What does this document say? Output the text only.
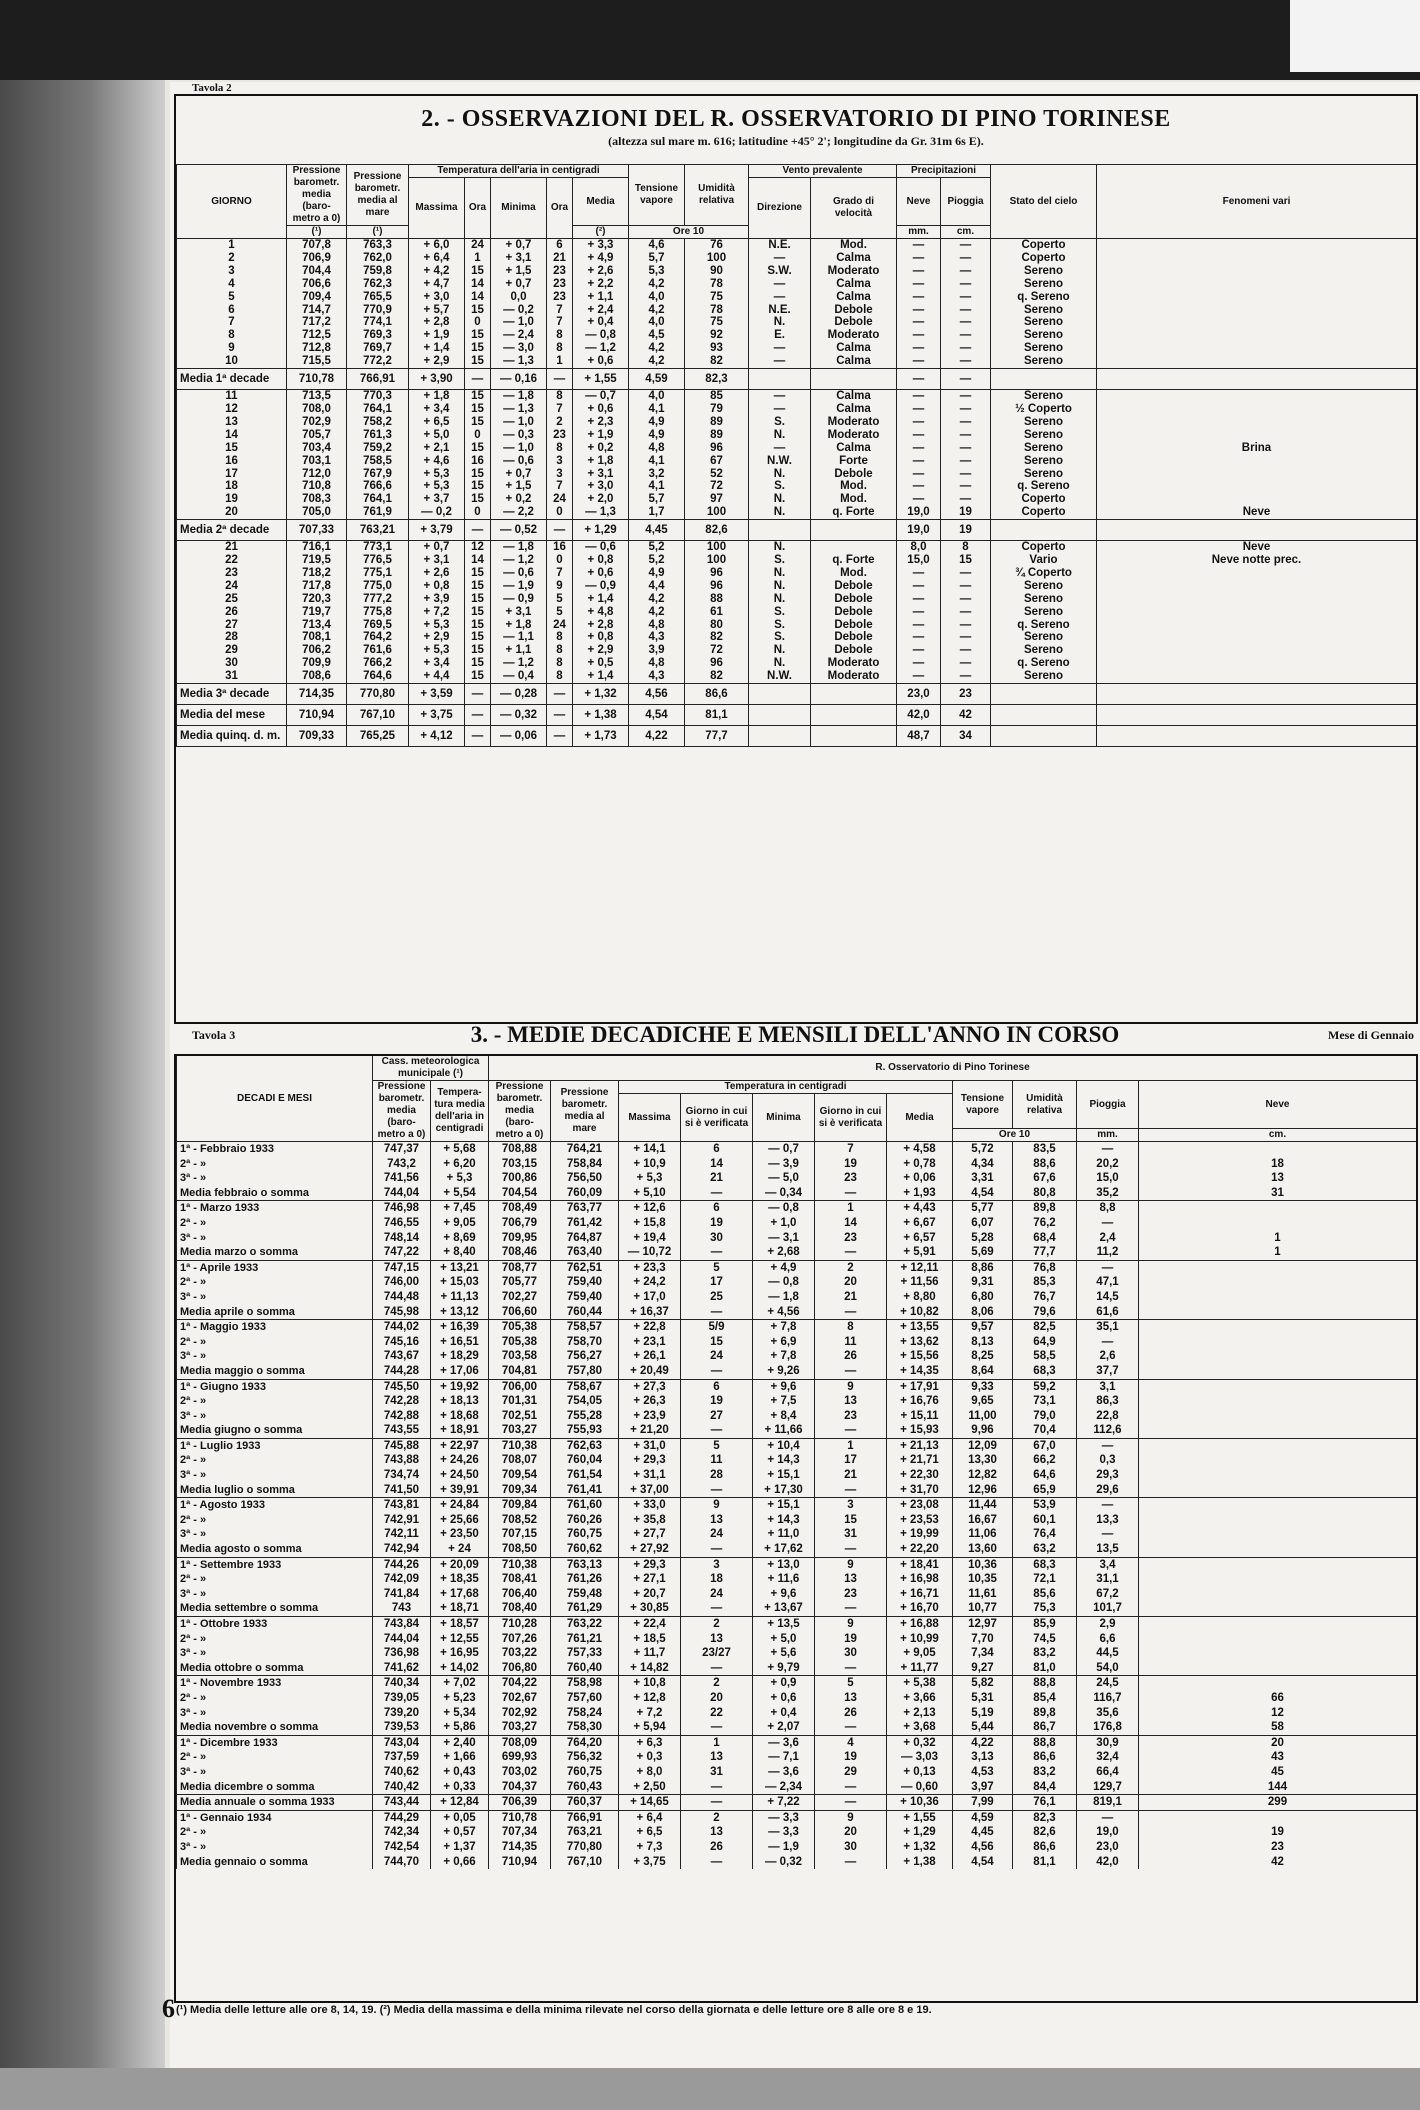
Tavola 2
2. - OSSERVAZIONI DEL R. OSSERVATORIO DI PINO TORINESE
(altezza sul mare m. 616; latitudine +45° 2'; longitudine da Gr. 31m 6s E).
GIORNO	Pressione barometr. media (baro- metro a 0)	Pressione barometr. media al mare	Temperatura dell'aria in centigradi					Tensione vapore	Umidità relativa	Vento prevalente		Precipitazioni		Stato del cielo	Fenomeni vari
			Massima	Ora	Minima	Ora	Media			Direzione	Grado di velocità	Neve	Pioggia		
	(¹)	(¹)					(²)	Ore 10				mm.	cm.		
1	707,8	763,3	+ 6,0	24	+ 0,7	6	+ 3,3	4,6	76	N.E.	Mod.	—	—	Coperto	
2	706,9	762,0	+ 6,4	1	+ 3,1	21	+ 4,9	5,7	100	—	Calma	—	—	Coperto	
3	704,4	759,8	+ 4,2	15	+ 1,5	23	+ 2,6	5,3	90	S.W.	Moderato	—	—	Sereno	
4	706,6	762,3	+ 4,7	14	+ 0,7	23	+ 2,2	4,2	78	—	Calma	—	—	Sereno	
5	709,4	765,5	+ 3,0	14	0,0	23	+ 1,1	4,0	75	—	Calma	—	—	q. Sereno	
6	714,7	770,9	+ 5,7	15	— 0,2	7	+ 2,4	4,2	78	N.E.	Debole	—	—	Sereno	
7	717,2	774,1	+ 2,8	0	— 1,0	7	+ 0,4	4,0	75	N.	Debole	—	—	Sereno	
8	712,5	769,3	+ 1,9	15	— 2,4	8	— 0,8	4,5	92	E.	Moderato	—	—	Sereno	
9	712,8	769,7	+ 1,4	15	— 3,0	8	— 1,2	4,2	93	—	Calma	—	—	Sereno	
10	715,5	772,2	+ 2,9	15	— 1,3	1	+ 0,6	4,2	82	—	Calma	—	—	Sereno	
Media 1ª decade	710,78	766,91	+ 3,90	—	— 0,16	—	+ 1,55	4,59	82,3			—	—		
11	713,5	770,3	+ 1,8	15	— 1,8	8	— 0,7	4,0	85	—	Calma	—	—	Sereno	
12	708,0	764,1	+ 3,4	15	— 1,3	7	+ 0,6	4,1	79	—	Calma	—	—	½ Coperto	
13	702,9	758,2	+ 6,5	15	— 1,0	2	+ 2,3	4,9	89	S.	Moderato	—	—	Sereno	
14	705,7	761,3	+ 5,0	0	— 0,3	23	+ 1,9	4,9	89	N.	Moderato	—	—	Sereno	
15	703,4	759,2	+ 2,1	15	— 1,0	8	+ 0,2	4,8	96	—	Calma	—	—	Sereno	Brina
16	703,1	758,5	+ 4,6	16	— 0,6	3	+ 1,8	4,1	67	N.W.	Forte	—	—	Sereno	
17	712,0	767,9	+ 5,3	15	+ 0,7	3	+ 3,1	3,2	52	N.	Debole	—	—	Sereno	
18	710,8	766,6	+ 5,3	15	+ 1,5	7	+ 3,0	4,1	72	S.	Mod.	—	—	q. Sereno	
19	708,3	764,1	+ 3,7	15	+ 0,2	24	+ 2,0	5,7	97	N.	Mod.	—	—	Coperto	
20	705,0	761,9	— 0,2	0	— 2,2	0	— 1,3	1,7	100	N.	q. Forte	19,0	19	Coperto	Neve
Media 2ª decade	707,33	763,21	+ 3,79	—	— 0,52	—	+ 1,29	4,45	82,6			19,0	19		
21	716,1	773,1	+ 0,7	12	— 1,8	16	— 0,6	5,2	100	N.		8,0	8	Coperto	Neve
22	719,5	776,5	+ 3,1	14	— 1,2	0	+ 0,8	5,2	100	S.	q. Forte	15,0	15	Vario	Neve notte prec.
23	718,2	775,1	+ 2,6	15	— 0,6	7	+ 0,6	4,9	96	N.	Mod.	—	—	¾ Coperto	
24	717,8	775,0	+ 0,8	15	— 1,9	9	— 0,9	4,4	96	N.	Debole	—	—	Sereno	
25	720,3	777,2	+ 3,9	15	— 0,9	5	+ 1,4	4,2	88	N.	Debole	—	—	Sereno	
26	719,7	775,8	+ 7,2	15	+ 3,1	5	+ 4,8	4,2	61	S.	Debole	—	—	Sereno	
27	713,4	769,5	+ 5,3	15	+ 1,8	24	+ 2,8	4,8	80	S.	Debole	—	—	q. Sereno	
28	708,1	764,2	+ 2,9	15	— 1,1	8	+ 0,8	4,3	82	S.	Debole	—	—	Sereno	
29	706,2	761,6	+ 5,3	15	+ 1,1	8	+ 2,9	3,9	72	N.	Debole	—	—	Sereno	
30	709,9	766,2	+ 3,4	15	— 1,2	8	+ 0,5	4,8	96	N.	Moderato	—	—	q. Sereno	
31	708,6	764,6	+ 4,4	15	— 0,4	8	+ 1,4	4,3	82	N.W.	Moderato	—	—	Sereno	
Media 3ª decade	714,35	770,80	+ 3,59	—	— 0,28	—	+ 1,32	4,56	86,6			23,0	23		
Media del mese	710,94	767,10	+ 3,75	—	— 0,32	—	+ 1,38	4,54	81,1			42,0	42		
Media quinq. d. m.	709,33	765,25	+ 4,12	—	— 0,06	—	+ 1,73	4,22	77,7			48,7	34		
Tavola 3	3. - MEDIE DECADICHE E MENSILI DELL'ANNO IN CORSO	Mese di Gennaio
DECADI E MESI	Cass. meteorologica municipale (¹)		R. Osservatorio di Pino Torinese										
	Pressione barometr. media (baro- metro a 0)	Tempera- tura media dell'aria in centigradi	Pressione barometr. media (baro- metro a 0)	Pressione barometr. media al mare	Temperatura in centigradi					Tensione vapore	Umidità relativa	Pioggia	Neve
					Massima	Giorno in cui si è verificata	Minima	Giorno in cui si è verificata	Media				
										Ore 10		mm.	cm.
1ª - Febbraio 1933	747,37	+ 5,68	708,88	764,21	+ 14,1	6	— 0,7	7	+ 4,58	5,72	83,5	—	
2ª - »	743,2	+ 6,20	703,15	758,84	+ 10,9	14	— 3,9	19	+ 0,78	4,34	88,6	20,2	18
3ª - »	741,56	+ 5,3	700,86	756,50	+ 5,3	21	— 5,0	23	+ 0,06	3,31	67,6	15,0	13
Media febbraio o somma	744,04	+ 5,54	704,54	760,09	+ 5,10	—	— 0,34	—	+ 1,93	4,54	80,8	35,2	31
1ª - Marzo 1933	746,98	+ 7,45	708,49	763,77	+ 12,6	6	— 0,8	1	+ 4,43	5,77	89,8	8,8	
2ª - »	746,55	+ 9,05	706,79	761,42	+ 15,8	19	+ 1,0	14	+ 6,67	6,07	76,2	—	
3ª - »	748,14	+ 8,69	709,95	764,87	+ 19,4	30	— 3,1	23	+ 6,57	5,28	68,4	2,4	1
Media marzo o somma	747,22	+ 8,40	708,46	763,40	— 10,72	—	+ 2,68	—	+ 5,91	5,69	77,7	11,2	1
1ª - Aprile 1933	747,15	+ 13,21	708,77	762,51	+ 23,3	5	+ 4,9	2	+ 12,11	8,86	76,8	—	
2ª - »	746,00	+ 15,03	705,77	759,40	+ 24,2	17	— 0,8	20	+ 11,56	9,31	85,3	47,1	
3ª - »	744,48	+ 11,13	702,27	759,40	+ 17,0	25	— 1,8	21	+ 8,80	6,80	76,7	14,5	
Media aprile o somma	745,98	+ 13,12	706,60	760,44	+ 16,37	—	+ 4,56	—	+ 10,82	8,06	79,6	61,6	
1ª - Maggio 1933	744,02	+ 16,39	705,38	758,57	+ 22,8	5/9	+ 7,8	8	+ 13,55	9,57	82,5	35,1	
2ª - »	745,16	+ 16,51	705,38	758,70	+ 23,1	15	+ 6,9	11	+ 13,62	8,13	64,9	—	
3ª - »	743,67	+ 18,29	703,58	756,27	+ 26,1	24	+ 7,8	26	+ 15,56	8,25	58,5	2,6	
Media maggio o somma	744,28	+ 17,06	704,81	757,80	+ 20,49	—	+ 9,26	—	+ 14,35	8,64	68,3	37,7	
1ª - Giugno 1933	745,50	+ 19,92	706,00	758,67	+ 27,3	6	+ 9,6	9	+ 17,91	9,33	59,2	3,1	
2ª - »	742,28	+ 18,13	701,31	754,05	+ 26,3	19	+ 7,5	13	+ 16,76	9,65	73,1	86,3	
3ª - »	742,88	+ 18,68	702,51	755,28	+ 23,9	27	+ 8,4	23	+ 15,11	11,00	79,0	22,8	
Media giugno o somma	743,55	+ 18,91	703,27	755,93	+ 21,20	—	+ 11,66	—	+ 15,93	9,96	70,4	112,6	
1ª - Luglio 1933	745,88	+ 22,97	710,38	762,63	+ 31,0	5	+ 10,4	1	+ 21,13	12,09	67,0	—	
2ª - »	743,88	+ 24,26	708,07	760,04	+ 29,3	11	+ 14,3	17	+ 21,71	13,30	66,2	0,3	
3ª - »	734,74	+ 24,50	709,54	761,54	+ 31,1	28	+ 15,1	21	+ 22,30	12,82	64,6	29,3	
Media luglio o somma	741,50	+ 39,91	709,34	761,41	+ 37,00	—	+ 17,30	—	+ 31,70	12,96	65,9	29,6	
1ª - Agosto 1933	743,81	+ 24,84	709,84	761,60	+ 33,0	9	+ 15,1	3	+ 23,08	11,44	53,9	—	
2ª - »	742,91	+ 25,66	708,52	760,26	+ 35,8	13	+ 14,3	15	+ 23,53	16,67	60,1	13,3	
3ª - »	742,11	+ 23,50	707,15	760,75	+ 27,7	24	+ 11,0	31	+ 19,99	11,06	76,4	—	
Media agosto o somma	742,94	+ 24	708,50	760,62	+ 27,92	—	+ 17,62	—	+ 22,20	13,60	63,2	13,5	
1ª - Settembre 1933	744,26	+ 20,09	710,38	763,13	+ 29,3	3	+ 13,0	9	+ 18,41	10,36	68,3	3,4	
2ª - »	742,09	+ 18,35	708,41	761,26	+ 27,1	18	+ 11,6	13	+ 16,98	10,35	72,1	31,1	
3ª - »	741,84	+ 17,68	706,40	759,48	+ 20,7	24	+ 9,6	23	+ 16,71	11,61	85,6	67,2	
Media settembre o somma	743	+ 18,71	708,40	761,29	+ 30,85	—	+ 13,67	—	+ 16,70	10,77	75,3	101,7	
1ª - Ottobre 1933	743,84	+ 18,57	710,28	763,22	+ 22,4	2	+ 13,5	9	+ 16,88	12,97	85,9	2,9	
2ª - »	744,04	+ 12,55	707,26	761,21	+ 18,5	13	+ 5,0	19	+ 10,99	7,70	74,5	6,6	
3ª - »	736,98	+ 16,95	703,22	757,33	+ 11,7	23/27	+ 5,6	30	+ 9,05	7,34	83,2	44,5	
Media ottobre o somma	741,62	+ 14,02	706,80	760,40	+ 14,82	—	+ 9,79	—	+ 11,77	9,27	81,0	54,0	
1ª - Novembre 1933	740,34	+ 7,02	704,22	758,98	+ 10,8	2	+ 0,9	5	+ 5,38	5,82	88,8	24,5	
2ª - »	739,05	+ 5,23	702,67	757,60	+ 12,8	20	+ 0,6	13	+ 3,66	5,31	85,4	116,7	66
3ª - »	739,20	+ 5,34	702,92	758,24	+ 7,2	22	+ 0,4	26	+ 2,13	5,19	89,8	35,6	12
Media novembre o somma	739,53	+ 5,86	703,27	758,30	+ 5,94	—	+ 2,07	—	+ 3,68	5,44	86,7	176,8	58
1ª - Dicembre 1933	743,04	+ 2,40	708,09	764,20	+ 6,3	1	— 3,6	4	+ 0,32	4,22	88,8	30,9	20
2ª - »	737,59	+ 1,66	699,93	756,32	+ 0,3	13	— 7,1	19	— 3,03	3,13	86,6	32,4	43
3ª - »	740,62	+ 0,43	703,02	760,75	+ 8,0	31	— 3,6	29	+ 0,13	4,53	83,2	66,4	45
Media dicembre o somma	740,42	+ 0,33	704,37	760,43	+ 2,50	—	— 2,34	—	— 0,60	3,97	84,4	129,7	144
Media annuale o somma 1933	743,44	+ 12,84	706,39	760,37	+ 14,65	—	+ 7,22	—	+ 10,36	7,99	76,1	819,1	299
1ª - Gennaio 1934	744,29	+ 0,05	710,78	766,91	+ 6,4	2	— 3,3	9	+ 1,55	4,59	82,3	—	
2ª - »	742,34	+ 0,57	707,34	763,21	+ 6,5	13	— 3,3	20	+ 1,29	4,45	82,6	19,0	19
3ª - »	742,54	+ 1,37	714,35	770,80	+ 7,3	26	— 1,9	30	+ 1,32	4,56	86,6	23,0	23
Media gennaio o somma	744,70	+ 0,66	710,94	767,10	+ 3,75	—	— 0,32	—	+ 1,38	4,54	81,1	42,0	42
(¹) Media delle letture alle ore 8, 14, 19. (²) Media della massima e della minima rilevate nel corso della giornata e delle letture ore 8 alle ore 8 e 19.
6
